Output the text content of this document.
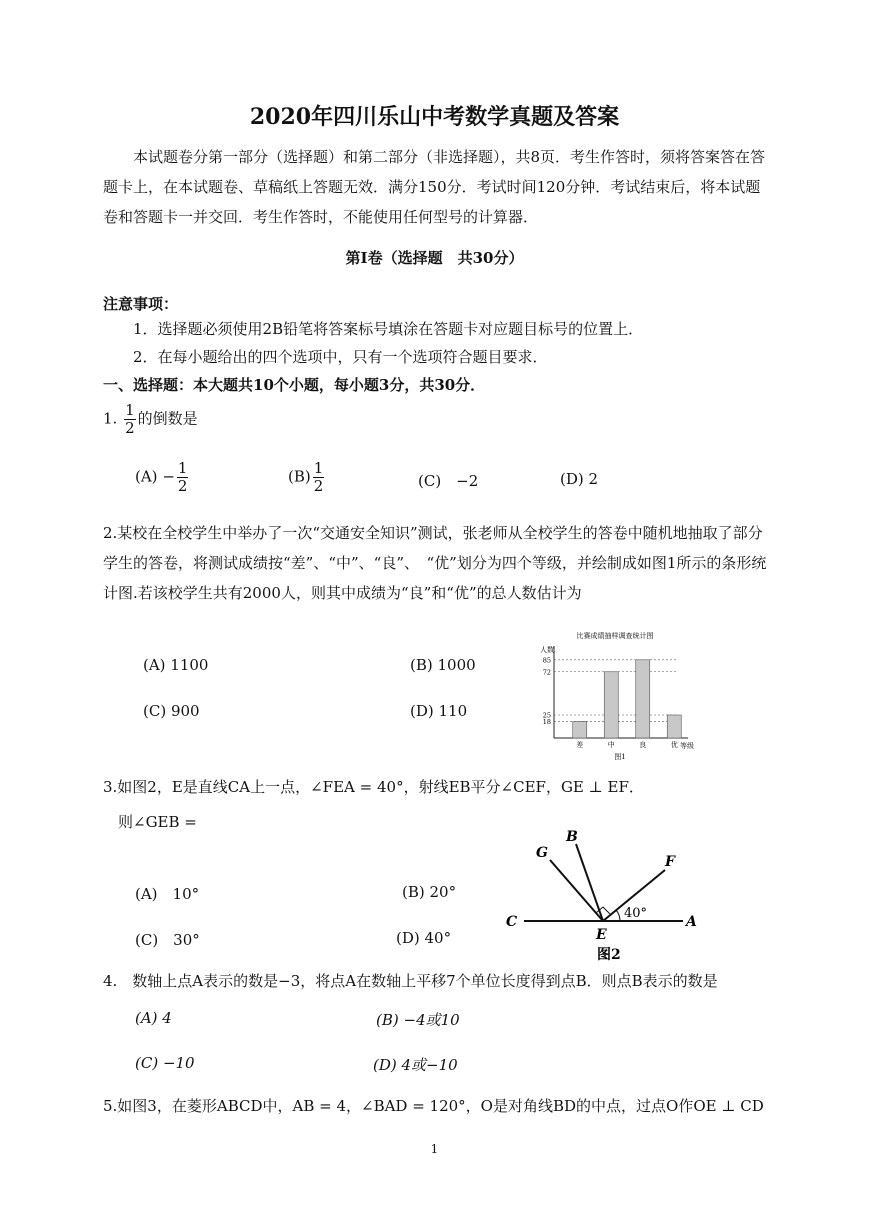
2020年四川乐山中考数学真题及答案
本试题卷分第一部分（选择题）和第二部分（非选择题），共8页．考生作答时，须将答案答在答题卡上，在本试题卷、草稿纸上答题无效．满分150分．考试时间120分钟．考试结束后，将本试题卷和答题卡一并交回．考生作答时，不能使用任何型号的计算器．
第Ⅰ卷（选择题　共30分）
注意事项：
1．选择题必须使用2B铅笔将答案标号填涂在答题卡对应题目标号的位置上．
2．在每小题给出的四个选项中，只有一个选项符合题目要求．
一、选择题：本大题共10个小题，每小题3分，共30分．
1. $\frac{1}{2}$ 的倒数是
$(A) - \frac{1}{2}$	$(B) \frac{1}{2}$	(C)　−2	(D) 2
2.某校在全校学生中举办了一次“交通安全知识”测试，张老师从全校学生的答卷中随机地抽取了部分学生的答卷，将测试成绩按“差”、“中”、“良”、　“优”划分为四个等级，并绘制成如图1所示的条形统计图.若该校学生共有2000人，则其中成绩为“良”和“优”的总人数估计为
(A) 1100	(B) 1000
(C) 900	(D) 110
比赛成绩抽样调查统计图
人数
等级
图1
18
25
72
85
差	中	良	优
3.如图2，E是直线CA上一点，∠FEA = 40°，射线EB平分∠CEF，GE ⊥ EF．
则∠GEB =
(A)　10°	(B) 20°
(C)　30°	(D) 40°
G
B
F
C	A
E
40°
图2
4.　数轴上点A表示的数是−3，将点A在数轴上平移7个单位长度得到点B．则点B表示的数是
(A) 4	(B) −4或10
(C) −10	(D) 4或−10
5.如图3，在菱形ABCD中，AB = 4，∠BAD = 120°，O是对角线BD的中点，过点O作OE ⊥ CD
1
